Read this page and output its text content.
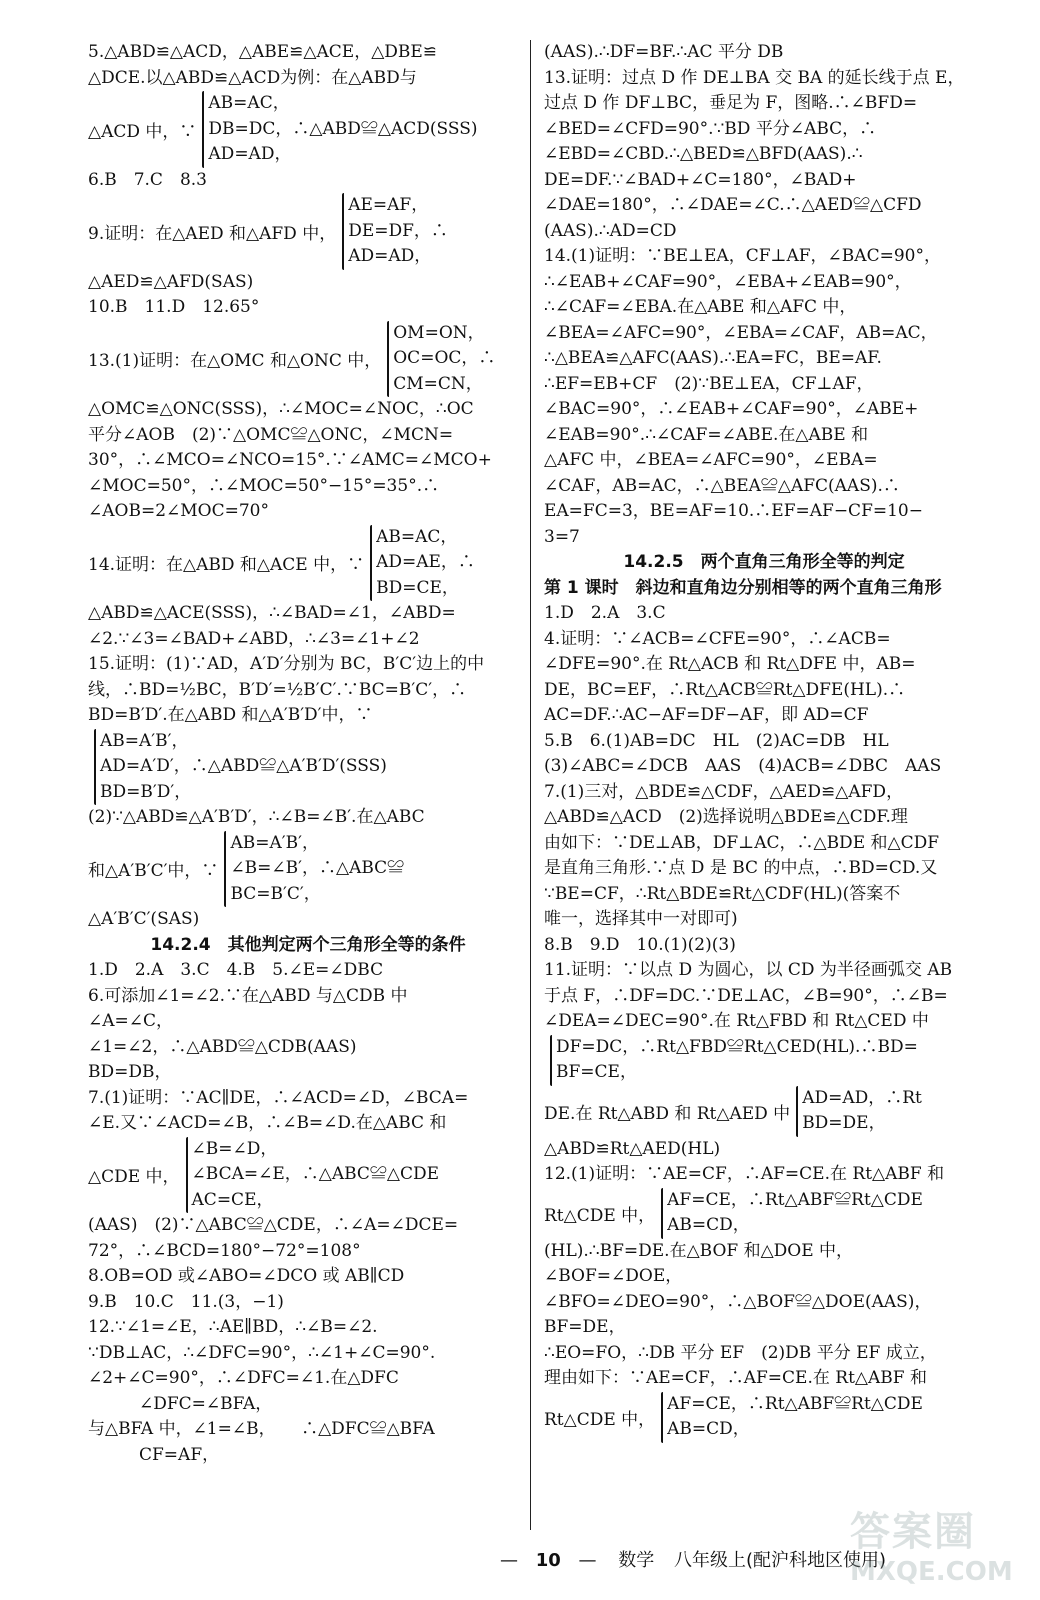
5.△ABD≌△ACD，△ABE≌△ACE，△DBE≌

△DCE.以△ABD≌△ACD为例：在△ABD与

△ACD 中，∵
AB=AC，
DB=DC，∴△ABD≌△ACD(SSS)
AD=AD，

6.B　7.C　8.3

9.证明：在△AED 和△AFD 中，
AE=AF，
DE=DF，∴
AD=AD，

△AED≌△AFD(SAS)

10.B　11.D　12.65°

13.(1)证明：在△OMC 和△ONC 中，
OM=ON，
OC=OC，∴
CM=CN，

△OMC≌△ONC(SSS)，∴∠MOC=∠NOC，∴OC

平分∠AOB　(2)∵△OMC≌△ONC，∠MCN=

30°，∴∠MCO=∠NCO=15°.∵∠AMC=∠MCO+

∠MOC=50°，∴∠MOC=50°−15°=35°.∴

∠AOB=2∠MOC=70°

14.证明：在△ABD 和△ACE 中，∵
AB=AC，
AD=AE，∴
BD=CE，

△ABD≌△ACE(SSS)，∴∠BAD=∠1，∠ABD=

∠2.∵∠3=∠BAD+∠ABD，∴∠3=∠1+∠2

15.证明：(1)∵AD，A′D′分别为 BC，B′C′边上的中

线，∴BD=½BC，B′D′=½B′C′.∵BC=B′C′，∴

BD=B′D′.在△ABD 和△A′B′D′中，∵

AB=A′B′，
AD=A′D′，∴△ABD≌△A′B′D′(SSS)
BD=B′D′，

(2)∵△ABD≌△A′B′D′，∴∠B=∠B′.在△ABC

和△A′B′C′中，∵
AB=A′B′，
∠B=∠B′，∴△ABC≌
BC=B′C′，

△A′B′C′(SAS)

14.2.4　其他判定两个三角形全等的条件

1.D　2.A　3.C　4.B　5.∠E=∠DBC

6.可添加∠1=∠2.∵在△ABD 与△CDB 中

∠A=∠C，

∠1=∠2，∴△ABD≌△CDB(AAS)

BD=DB，

7.(1)证明：∵AC∥DE，∴∠ACD=∠D，∠BCA=

∠E.又∵∠ACD=∠B，∴∠B=∠D.在△ABC 和

△CDE 中，
∠B=∠D，
∠BCA=∠E，∴△ABC≌△CDE
AC=CE，

(AAS)　(2)∵△ABC≌△CDE，∴∠A=∠DCE=

72°，∴∠BCD=180°−72°=108°

8.OB=OD 或∠ABO=∠DCO 或 AB∥CD

9.B　10.C　11.(3，−1)

12.∵∠1=∠E，∴AE∥BD，∴∠B=∠2.

∵DB⊥AC，∴∠DFC=90°，∴∠1+∠C=90°.

∠2+∠C=90°，∴∠DFC=∠1.在△DFC

　　　∠DFC=∠BFA，

与△BFA 中，∠1=∠B，　　∴△DFC≌△BFA

　　　CF=AF，

(AAS).∴DF=BF.∴AC 平分 DB

13.证明：过点 D 作 DE⊥BA 交 BA 的延长线于点 E，

过点 D 作 DF⊥BC，垂足为 F，图略.∴∠BFD=

∠BED=∠CFD=90°.∵BD 平分∠ABC，∴

∠EBD=∠CBD.∴△BED≌△BFD(AAS).∴

DE=DF.∵∠BAD+∠C=180°，∠BAD+

∠DAE=180°，∴∠DAE=∠C.∴△AED≌△CFD

(AAS).∴AD=CD

14.(1)证明：∵BE⊥EA，CF⊥AF，∠BAC=90°，

∴∠EAB+∠CAF=90°，∠EBA+∠EAB=90°，

∴∠CAF=∠EBA.在△ABE 和△AFC 中，

∠BEA=∠AFC=90°，∠EBA=∠CAF，AB=AC，

∴△BEA≌△AFC(AAS).∴EA=FC，BE=AF.

∴EF=EB+CF　(2)∵BE⊥EA，CF⊥AF，

∠BAC=90°，∴∠EAB+∠CAF=90°，∠ABE+

∠EAB=90°.∴∠CAF=∠ABE.在△ABE 和

△AFC 中，∠BEA=∠AFC=90°，∠EBA=

∠CAF，AB=AC，∴△BEA≌△AFC(AAS).∴

EA=FC=3，BE=AF=10.∴EF=AF−CF=10−

3=7

14.2.5　两个直角三角形全等的判定

第 1 课时　斜边和直角边分别相等的两个直角三角形

1.D　2.A　3.C

4.证明：∵∠ACB=∠CFE=90°，∴∠ACB=

∠DFE=90°.在 Rt△ACB 和 Rt△DFE 中，AB=

DE，BC=EF，∴Rt△ACB≌Rt△DFE(HL).∴

AC=DF.∴AC−AF=DF−AF，即 AD=CF

5.B　6.(1)AB=DC　HL　(2)AC=DB　HL

(3)∠ABC=∠DCB　AAS　(4)ACB=∠DBC　AAS

7.(1)三对，△BDE≌△CDF，△AED≌△AFD，

△ABD≌△ACD　(2)选择说明△BDE≌△CDF.理

由如下：∵DE⊥AB，DF⊥AC，∴△BDE 和△CDF

是直角三角形.∵点 D 是 BC 的中点，∴BD=CD.又

∵BE=CF，∴Rt△BDE≌Rt△CDF(HL)(答案不

唯一，选择其中一对即可)

8.B　9.D　10.(1)(2)(3)

11.证明：∵以点 D 为圆心，以 CD 为半径画弧交 AB

于点 F，∴DF=DC.∵DE⊥AC，∠B=90°，∴∠B=

∠DEA=∠DEC=90°.在 Rt△FBD 和 Rt△CED 中

DF=DC，∴Rt△FBD≌Rt△CED(HL).∴BD=
BF=CE，
DE.在 Rt△ABD 和 Rt△AED 中
AD=AD，∴Rt
BD=DE，

△ABD≌Rt△AED(HL)

12.(1)证明：∵AE=CF，∴AF=CE.在 Rt△ABF 和

Rt△CDE 中，
AF=CE，∴Rt△ABF≌Rt△CDE
AB=CD，

(HL).∴BF=DE.在△BOF 和△DOE 中，

∠BOF=∠DOE，

∠BFO=∠DEO=90°，∴△BOF≌△DOE(AAS)，

BF=DE，

∴EO=FO，∴DB 平分 EF　(2)DB 平分 EF 成立，

理由如下：∵AE=CF，∴AF=CE.在 Rt△ABF 和

Rt△CDE 中，
AF=CE，∴Rt△ABF≌Rt△CDE
AB=CD，
— 10 — 数学 八年级上(配沪科地区使用)
答案圈
MXQE.COM
